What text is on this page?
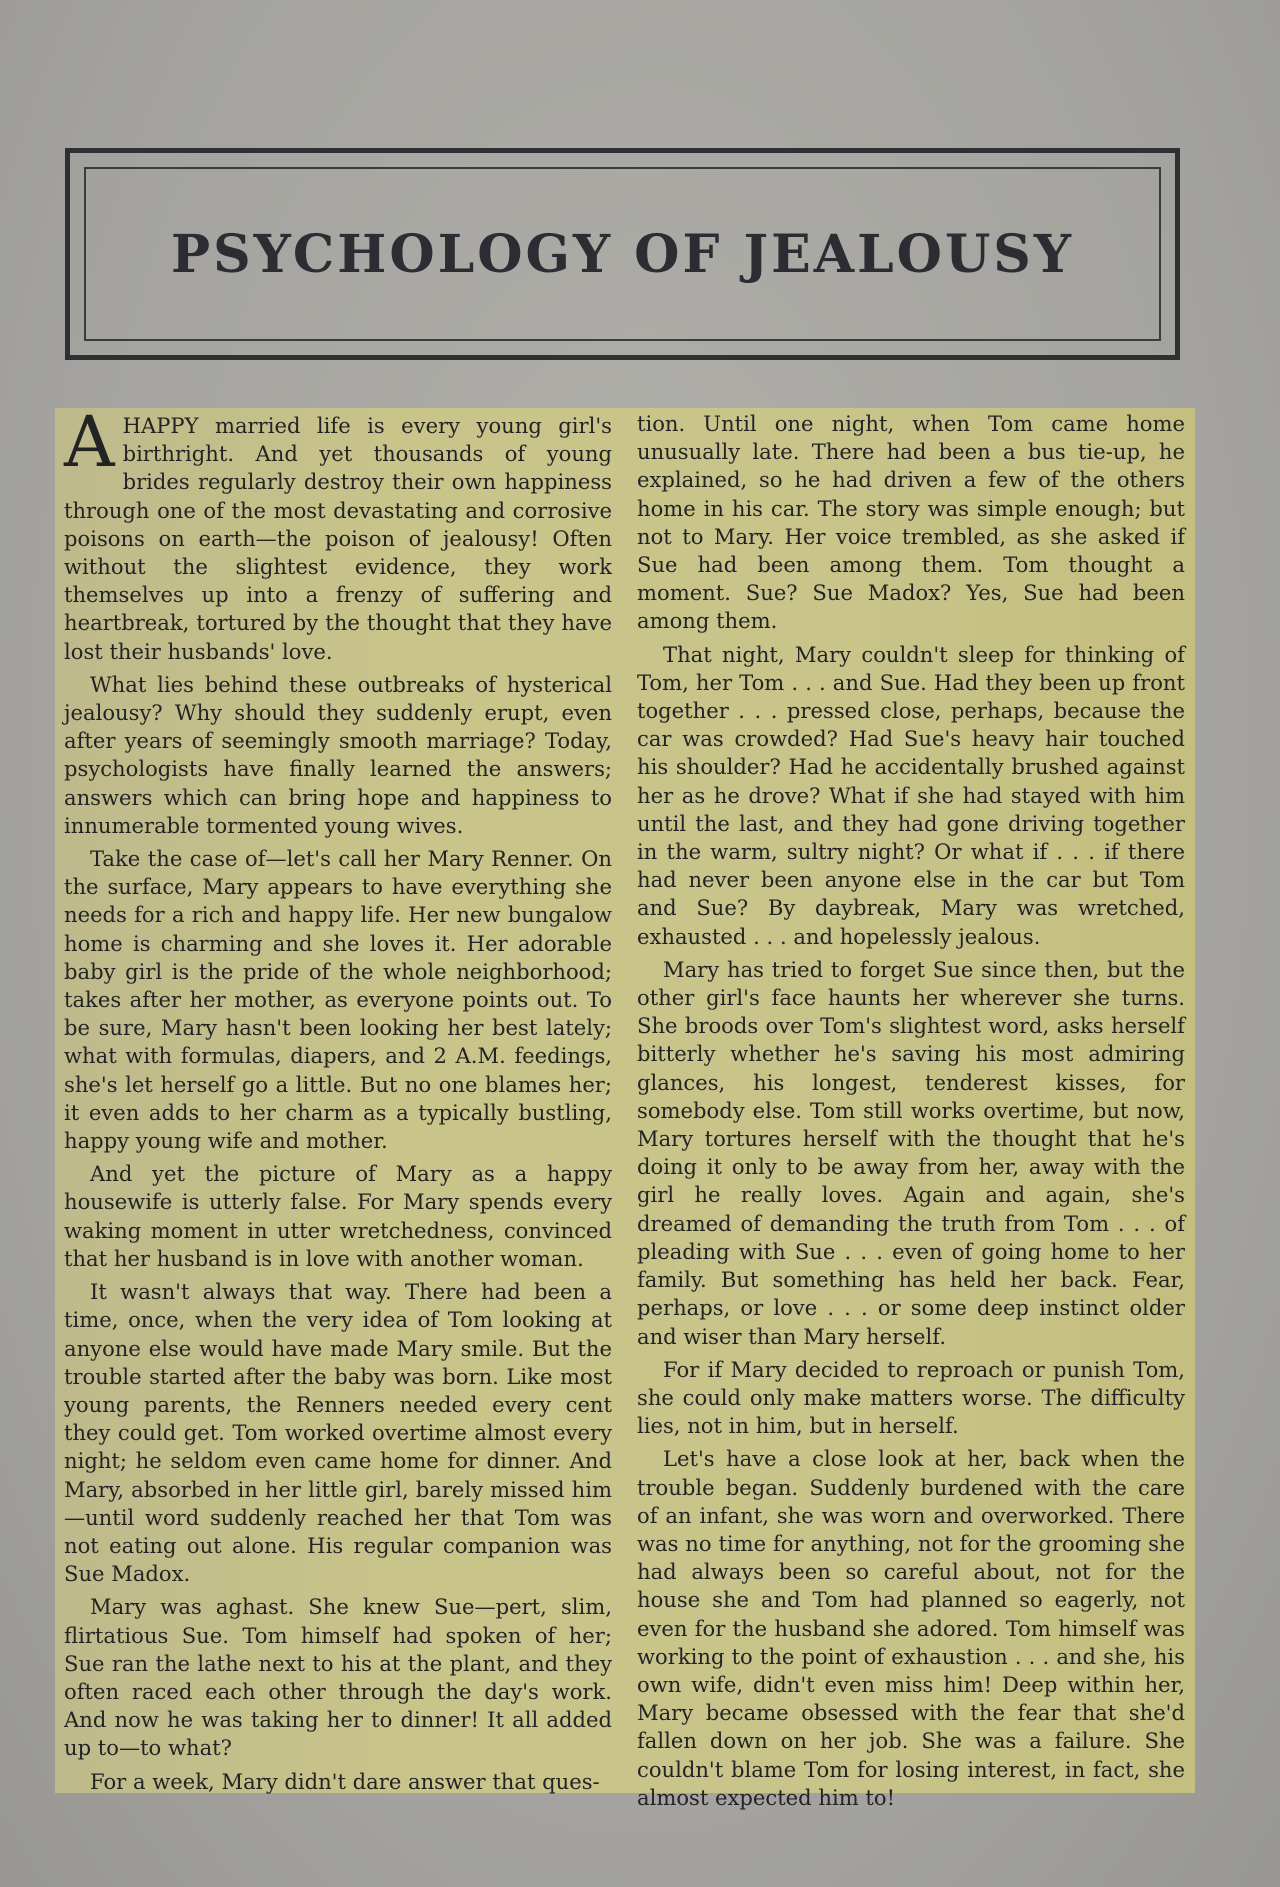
PSYCHOLOGY OF JEALOUSY

AHAPPY married life is every young girl's birthright. And yet thousands of young brides regularly destroy their own happiness through one of the most devastating and corrosive poisons on earth—the poison of jealousy! Often without the slightest evidence, they work themselves up into a frenzy of suffering and heartbreak, tortured by the thought that they have lost their husbands' love.

What lies behind these outbreaks of hysterical jealousy? Why should they suddenly erupt, even after years of seemingly smooth marriage? Today, psychologists have finally learned the answers; answers which can bring hope and happiness to innumerable tormented young wives.

Take the case of—let's call her Mary Renner. On the surface, Mary appears to have everything she needs for a rich and happy life. Her new bungalow home is charming and she loves it. Her adorable baby girl is the pride of the whole neighborhood; takes after her mother, as everyone points out. To be sure, Mary hasn't been looking her best lately; what with formulas, diapers, and 2 A.M. feedings, she's let herself go a little. But no one blames her; it even adds to her charm as a typically bustling, happy young wife and mother.

And yet the picture of Mary as a happy housewife is utterly false. For Mary spends every waking moment in utter wretchedness, convinced that her husband is in love with another woman.

It wasn't always that way. There had been a time, once, when the very idea of Tom looking at anyone else would have made Mary smile. But the trouble started after the baby was born. Like most young parents, the Renners needed every cent they could get. Tom worked overtime almost every night; he seldom even came home for dinner. And Mary, absorbed in her little girl, barely missed him—until word suddenly reached her that Tom was not eating out alone. His regular companion was Sue Madox.

Mary was aghast. She knew Sue—pert, slim, flirtatious Sue. Tom himself had spoken of her; Sue ran the lathe next to his at the plant, and they often raced each other through the day's work. And now he was taking her to dinner! It all added up to—to what?

For a week, Mary didn't dare answer that ques-

tion. Until one night, when Tom came home unusually late. There had been a bus tie-up, he explained, so he had driven a few of the others home in his car. The story was simple enough; but not to Mary. Her voice trembled, as she asked if Sue had been among them. Tom thought a moment. Sue? Sue Madox? Yes, Sue had been among them.

That night, Mary couldn't sleep for thinking of Tom, her Tom . . . and Sue. Had they been up front together . . . pressed close, perhaps, because the car was crowded? Had Sue's heavy hair touched his shoulder? Had he accidentally brushed against her as he drove? What if she had stayed with him until the last, and they had gone driving together in the warm, sultry night? Or what if . . . if there had never been anyone else in the car but Tom and Sue? By daybreak, Mary was wretched, exhausted . . . and hopelessly jealous.

Mary has tried to forget Sue since then, but the other girl's face haunts her wherever she turns. She broods over Tom's slightest word, asks herself bitterly whether he's saving his most admiring glances, his longest, tenderest kisses, for somebody else. Tom still works overtime, but now, Mary tortures herself with the thought that he's doing it only to be away from her, away with the girl he really loves. Again and again, she's dreamed of demanding the truth from Tom . . . of pleading with Sue . . . even of going home to her family. But something has held her back. Fear, perhaps, or love . . . or some deep instinct older and wiser than Mary herself.

For if Mary decided to reproach or punish Tom, she could only make matters worse. The difficulty lies, not in him, but in herself.

Let's have a close look at her, back when the trouble began. Suddenly burdened with the care of an infant, she was worn and overworked. There was no time for anything, not for the grooming she had always been so careful about, not for the house she and Tom had planned so eagerly, not even for the husband she adored. Tom himself was working to the point of exhaustion . . . and she, his own wife, didn't even miss him! Deep within her, Mary became obsessed with the fear that she'd fallen down on her job. She was a failure. She couldn't blame Tom for losing interest, in fact, she almost expected him to!
